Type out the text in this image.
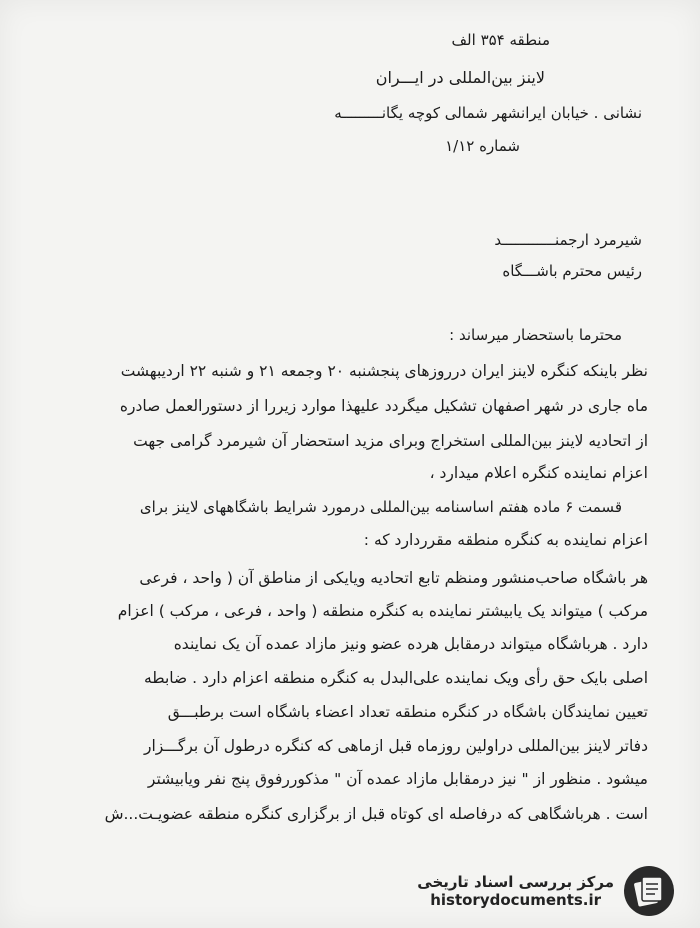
منطقه ۳۵۴ الف
لاینز بین‌المللی در ایـــران
نشانی . خیابان ایرانشهر شمالی کوچه یگانـــــــــه
شماره ۱/۱۲
شیرمرد ارجمنــــــــــــد
رئیس محترم باشـــگاه
محترما باستحضار میرساند :
نظر باینکه کنگره لاینز ایران درروزهای پنجشنبه ۲۰ وجمعه ۲۱ و شنبه ۲۲ اردیبهشت
ماه جاری در شهر اصفهان تشکیل میگردد علیهذا موارد زیررا از دستورالعمل صادره
از اتحادیه لاینز بین‌المللی استخراج وبرای مزید استحضار آن شیرمرد گرامی جهت
اعزام نماینده کنگره اعلام میدارد ،
قسمت ۶ ماده هفتم اساسنامه بین‌المللی درمورد شرایط باشگاههای لاینز برای
اعزام نماینده به کنگره منطقه مقرردارد که :
هر باشگاه صاحب‌منشور ومنظم تابع اتحادیه ویایکی از مناطق آن ( واحد ، فرعی
مرکب ) میتواند یک یابیشتر نماینده به کنگره منطقه ( واحد ، فرعی ، مرکب ) اعزام
دارد . هرباشگاه میتواند درمقابل هرده عضو ونیز مازاد عمده آن یک نماینده
اصلی بایک حق رأی ویک نماینده علی‌البدل به کنگره منطقه اعزام دارد . ضابطه
تعیین نمایندگان باشگاه در کنگره منطقه تعداد اعضاء باشگاه است برطبـــق
دفاتر لاینز بین‌المللی دراولین روزماه قبل ازماهی که کنگره درطول آن برگـــزار
میشود . منظور از " نیز درمقابل مازاد عمده آن " مذکوررفوق پنج نفر ویابیشتر
است . هرباشگاهی که درفاصله ای کوتاه قبل از برگزاری کنگره منطقه عضویـت...ش
مرکز بررسی اسناد تاریخی
historydocuments.ir
